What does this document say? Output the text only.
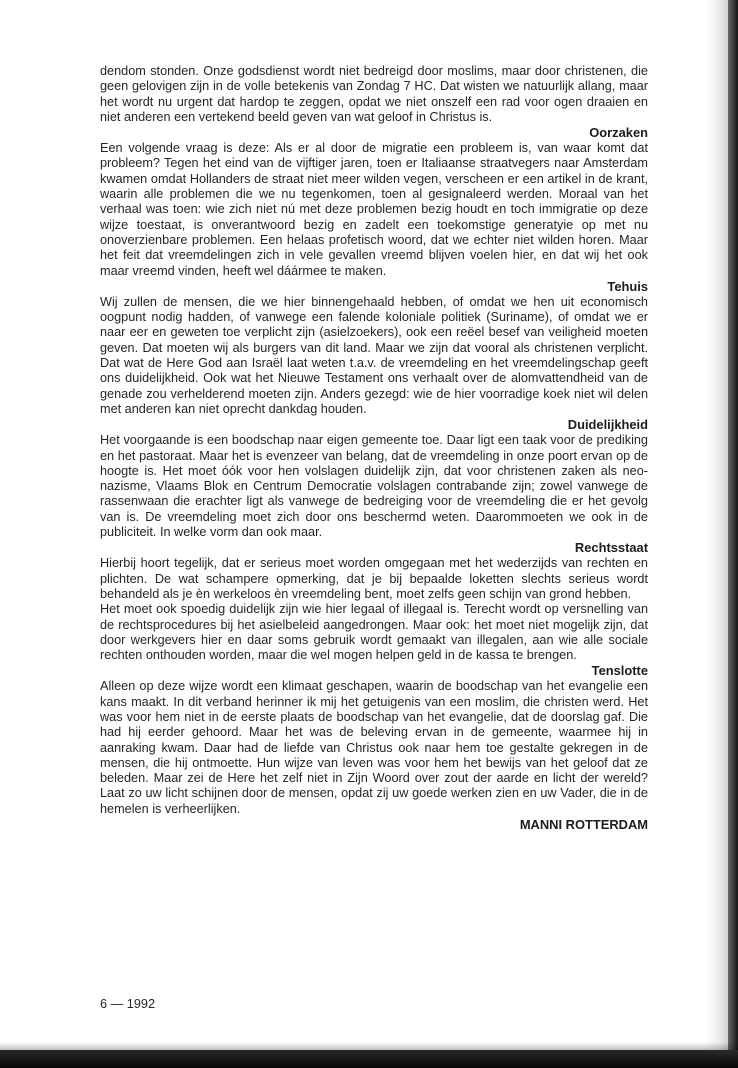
dendom stonden. Onze godsdienst wordt niet bedreigd door moslims, maar door christenen, die geen gelovigen zijn in de volle betekenis van Zondag 7 HC. Dat wisten we natuurlijk allang, maar het wordt nu urgent dat hardop te zeggen, opdat we niet onszelf een rad voor ogen draaien en niet anderen een vertekend beeld geven van wat geloof in Christus is.

Oorzaken

Een volgende vraag is deze: Als er al door de migratie een probleem is, van waar komt dat probleem? Tegen het eind van de vijftiger jaren, toen er Italiaanse straatvegers naar Amsterdam kwamen omdat Hollanders de straat niet meer wilden vegen, verscheen er een artikel in de krant, waarin alle problemen die we nu tegenkomen, toen al gesignaleerd werden. Moraal van het verhaal was toen: wie zich niet nú met deze problemen bezig houdt en toch immigratie op deze wijze toestaat, is onverantwoord bezig en zadelt een toekomstige generatyie op met nu onoverzienbare problemen. Een helaas profetisch woord, dat we echter niet wilden horen. Maar het feit dat vreemdelingen zich in vele gevallen vreemd blijven voelen hier, en dat wij het ook maar vreemd vinden, heeft wel dáármee te maken.

Tehuis

Wij zullen de mensen, die we hier binnengehaald hebben, of omdat we hen uit economisch oogpunt nodig hadden, of vanwege een falende koloniale politiek (Suriname), of omdat we er naar eer en geweten toe verplicht zijn (asielzoekers), ook een reëel besef van veiligheid moeten geven. Dat moeten wij als burgers van dit land. Maar we zijn dat vooral als christenen verplicht. Dat wat de Here God aan Israël laat weten t.a.v. de vreemdeling en het vreemdelingschap geeft ons duidelijkheid. Ook wat het Nieuwe Testament ons verhaalt over de alomvattendheid van de genade zou verhelderend moeten zijn. Anders gezegd: wie de hier voorradige koek niet wil delen met anderen kan niet oprecht dankdag houden.

Duidelijkheid

Het voorgaande is een boodschap naar eigen gemeente toe. Daar ligt een taak voor de prediking en het pastoraat. Maar het is evenzeer van belang, dat de vreemdeling in onze poort ervan op de hoogte is. Het moet óók voor hen volslagen duidelijk zijn, dat voor christenen zaken als neo-nazisme, Vlaams Blok en Centrum Democratie volslagen contrabande zijn; zowel vanwege de rassenwaan die erachter ligt als vanwege de bedreiging voor de vreemdeling die er het gevolg van is. De vreemdeling moet zich door ons beschermd weten. Daarommoeten we ook in de publiciteit. In welke vorm dan ook maar.

Rechtsstaat

Hierbij hoort tegelijk, dat er serieus moet worden omgegaan met het wederzijds van rechten en plichten. De wat schampere opmerking, dat je bij bepaalde loketten slechts serieus wordt behandeld als je èn werkeloos èn vreemdeling bent, moet zelfs geen schijn van grond hebben.

Het moet ook spoedig duidelijk zijn wie hier legaal of illegaal is. Terecht wordt op versnelling van de rechtsprocedures bij het asielbeleid aangedrongen. Maar ook: het moet niet mogelijk zijn, dat door werkgevers hier en daar soms gebruik wordt gemaakt van illegalen, aan wie alle sociale rechten onthouden worden, maar die wel mogen helpen geld in de kassa te brengen.

Tenslotte

Alleen op deze wijze wordt een klimaat geschapen, waarin de boodschap van het evangelie een kans maakt. In dit verband herinner ik mij het getuigenis van een moslim, die christen werd. Het was voor hem niet in de eerste plaats de boodschap van het evangelie, dat de doorslag gaf. Die had hij eerder gehoord. Maar het was de beleving ervan in de gemeente, waarmee hij in aanraking kwam. Daar had de liefde van Christus ook naar hem toe gestalte gekregen in de mensen, die hij ontmoette. Hun wijze van leven was voor hem het bewijs van het geloof dat ze beleden. Maar zei de Here het zelf niet in Zijn Woord over zout der aarde en licht der wereld? Laat zo uw licht schijnen door de mensen, opdat zij uw goede werken zien en uw Vader, die in de hemelen is verheerlijken.

MANNI ROTTERDAM
6 — 1992
